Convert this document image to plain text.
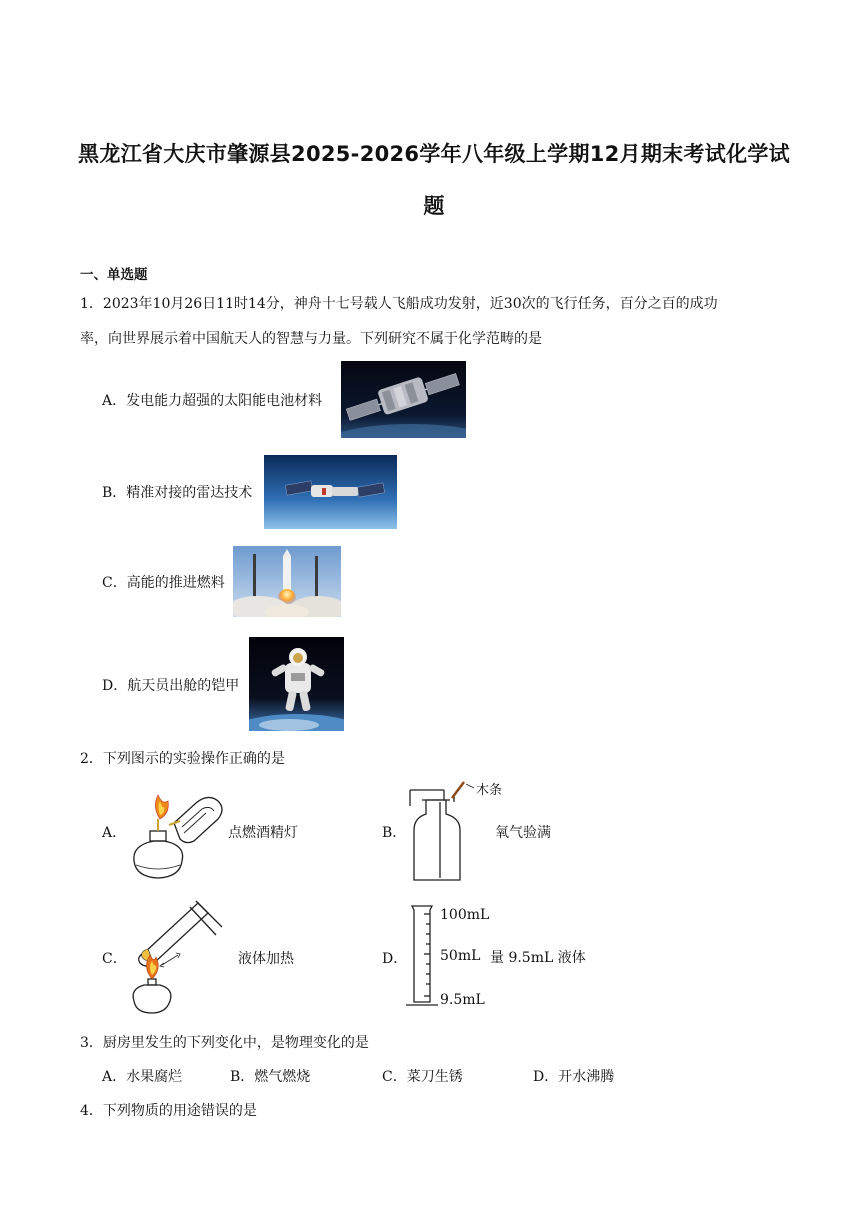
黑龙江省大庆市肇源县2025-2026学年八年级上学期12月期末考试化学试
题
一、单选题
1．2023年10月26日11时14分，神舟十七号载人飞船成功发射，近30次的飞行任务，百分之百的成功
率，向世界展示着中国航天人的智慧与力量。下列研究不属于化学范畴的是
A．发电能力超强的太阳能电池材料
B．精准对接的雷达技术
C．高能的推进燃料
D．航天员出舱的铠甲
2．下列图示的实验操作正确的是
A．	点燃酒精灯	B．
木条
氧气验满
C．	液体加热	D．
100mL
50mL
9.5mL
量 9.5mL 液体
3．厨房里发生的下列变化中，是物理变化的是
A．水果腐烂	B．燃气燃烧	C．菜刀生锈	D．开水沸腾
4．下列物质的用途错误的是
